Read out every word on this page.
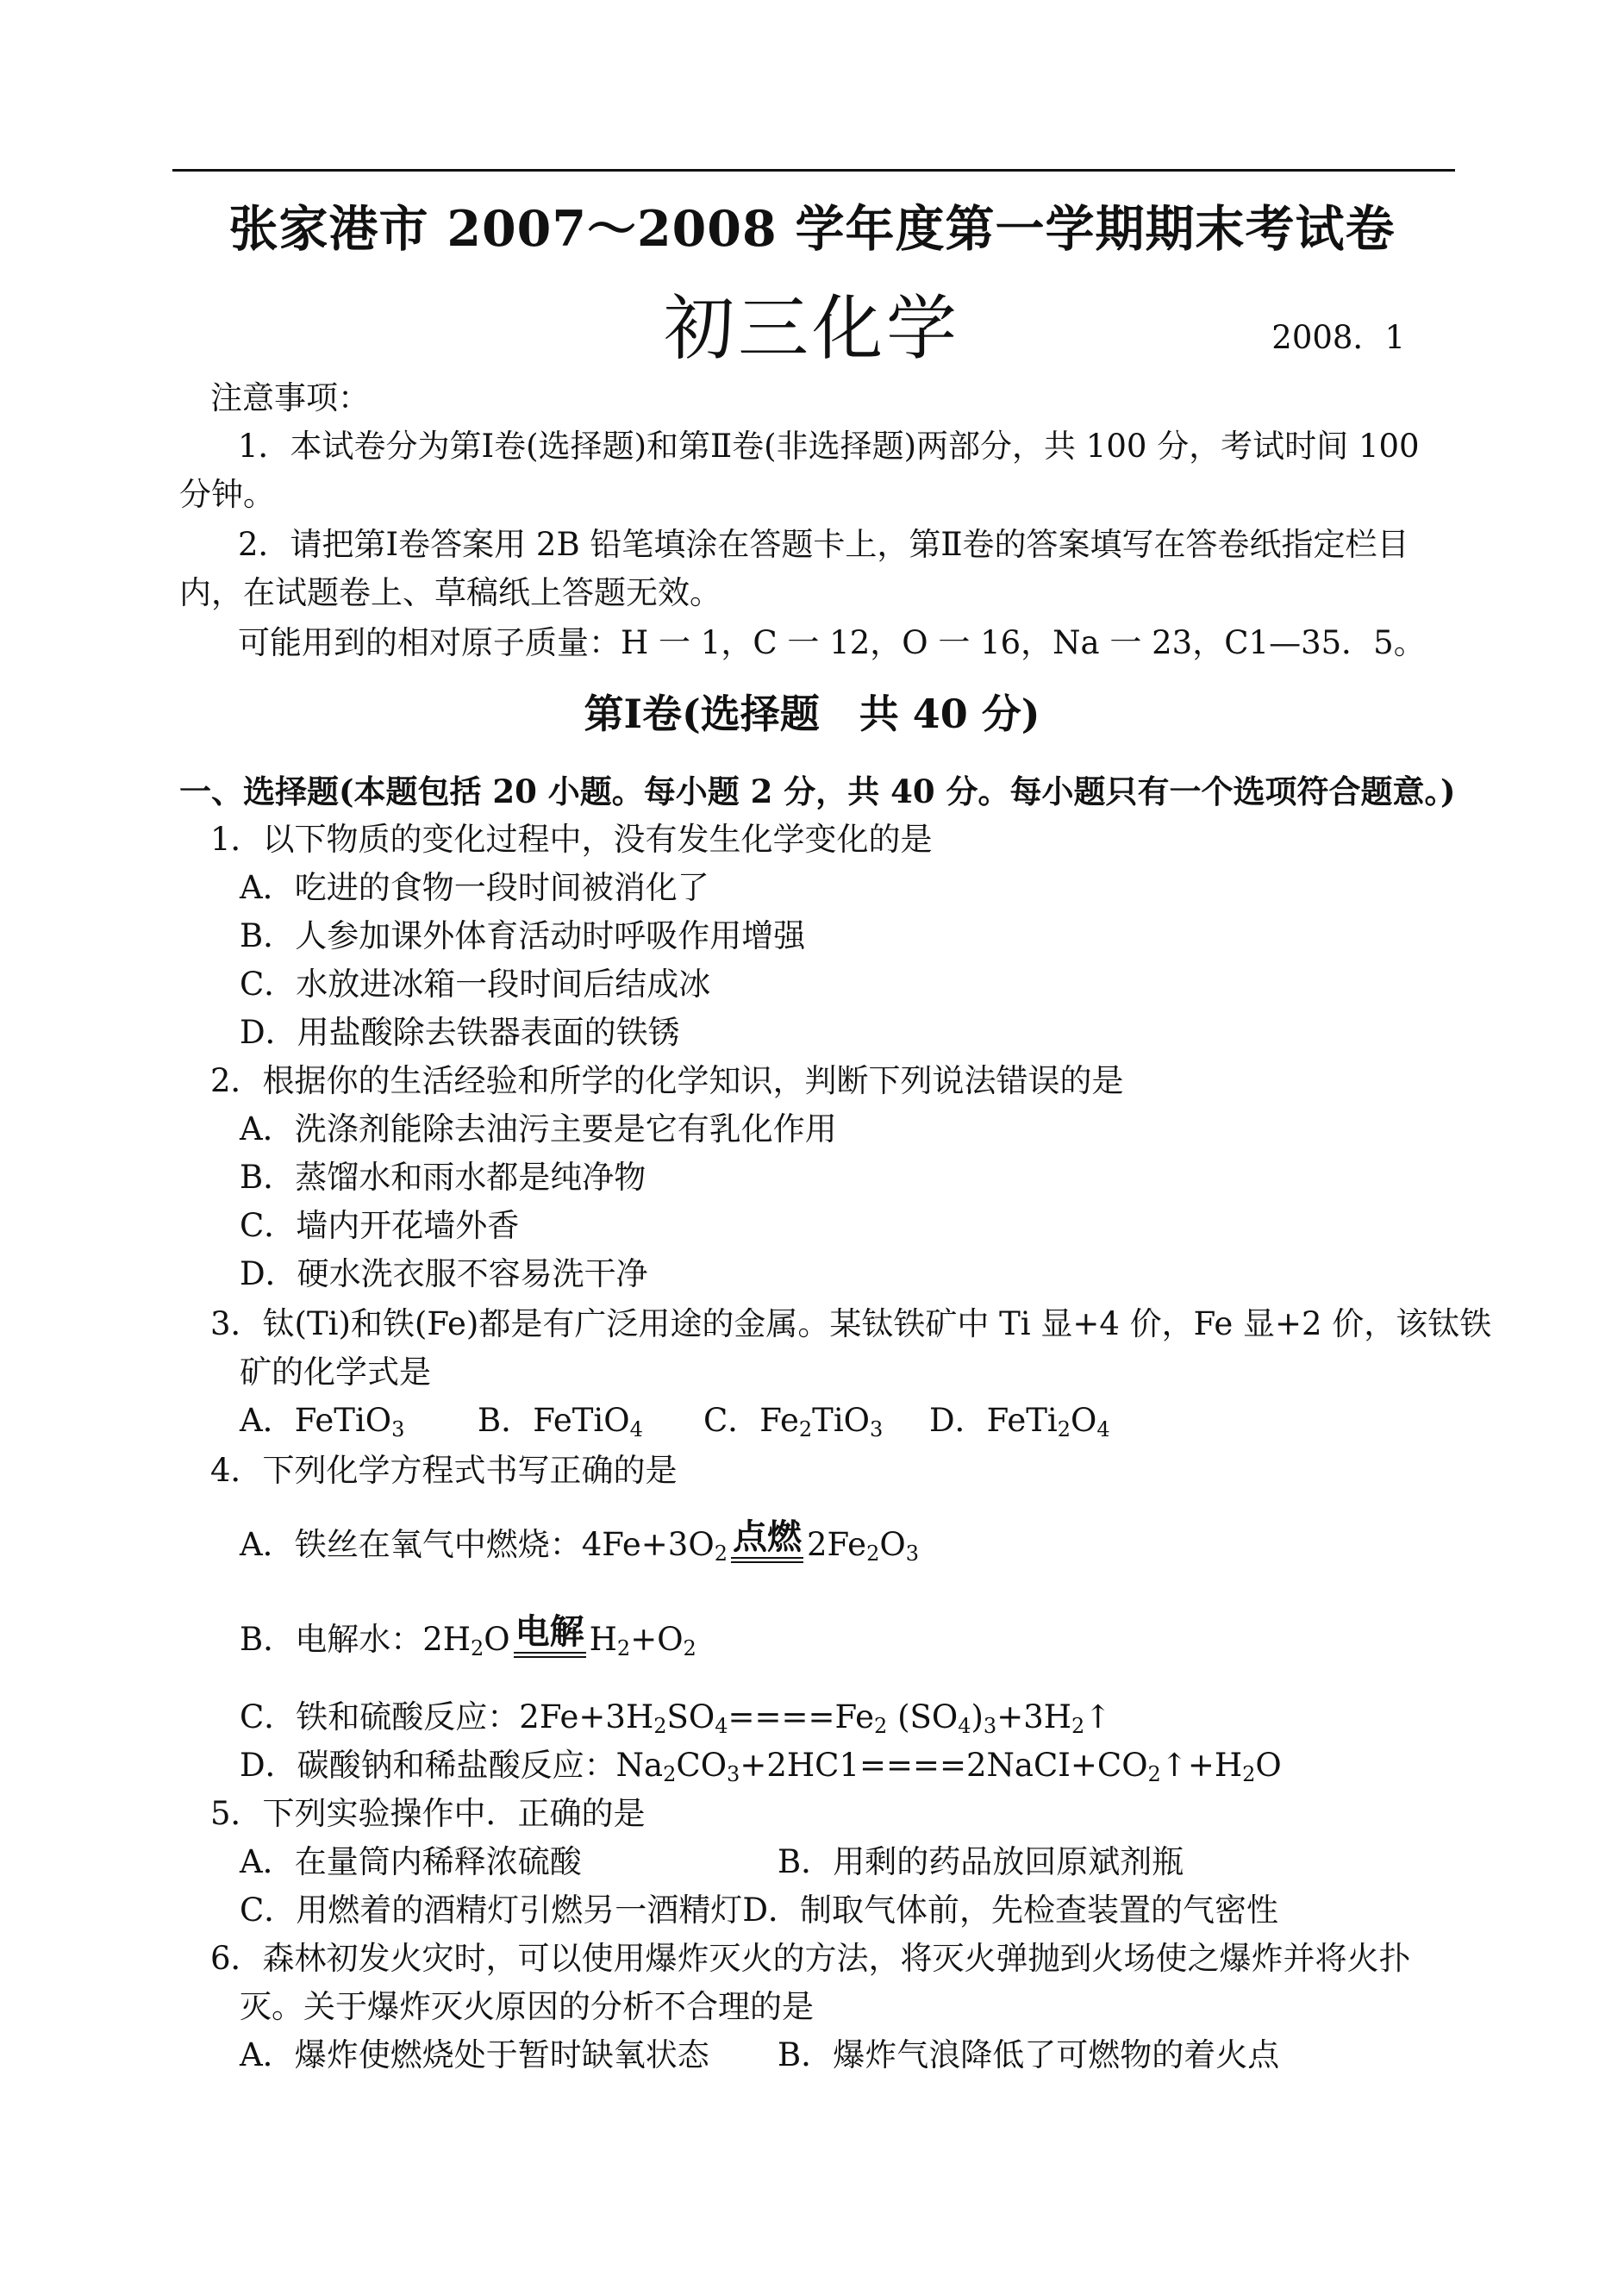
张家港市 2007～2008 学年度第一学期期末考试卷
初三化学	2008．1
注意事项：
1．本试卷分为第Ⅰ卷(选择题)和第Ⅱ卷(非选择题)两部分，共 100 分，考试时间 100
分钟。
2．请把第Ⅰ卷答案用 2B 铅笔填涂在答题卡上，第Ⅱ卷的答案填写在答卷纸指定栏目
内，在试题卷上、草稿纸上答题无效。
可能用到的相对原子质量：H 一 1，C 一 12，O 一 16，Na 一 23，C1—35．5。
第Ⅰ卷(选择题　共 40 分)
一、选择题(本题包括 20 小题。每小题 2 分，共 40 分。每小题只有一个选项符合题意。)
1．以下物质的变化过程中，没有发生化学变化的是
A．吃进的食物一段时间被消化了
B．人参加课外体育活动时呼吸作用增强
C．水放进冰箱一段时间后结成冰
D．用盐酸除去铁器表面的铁锈
2．根据你的生活经验和所学的化学知识，判断下列说法错误的是
A．洗涤剂能除去油污主要是它有乳化作用
B．蒸馏水和雨水都是纯净物
C．墙内开花墙外香
D．硬水洗衣服不容易洗干净
3．钛(Ti)和铁(Fe)都是有广泛用途的金属。某钛铁矿中 Ti 显+4 价，Fe 显+2 价，该钛铁
矿的化学式是
A．FeTiO$_3$ B．FeTiO$_4$ C．$Fe_2TiO_3$ D．$FeTi_2O_4$
4．下列化学方程式书写正确的是
A．铁丝在氧气中燃烧：$4Fe+3O_2$ 点燃 $2Fe_2O_3$
B．电解水：$2H_2O$ 电解 $H_2+O_2$
C．铁和硫酸反应：$2Fe+3H_2SO_4====Fe_2$ $(SO_4)_3+3H_2↑$
D．碳酸钠和稀盐酸反应：$Na_2CO_3+2HC1====2NaCI+CO_2↑+H_2O$
5．下列实验操作中．正确的是
A．在量筒内稀释浓硫酸	B．用剩的药品放回原斌剂瓶
C．用燃着的酒精灯引燃另一酒精灯D．制取气体前，先检查装置的气密性
6．森林初发火灾时，可以使用爆炸灭火的方法，将灭火弹抛到火场使之爆炸并将火扑
灭。关于爆炸灭火原因的分析不合理的是
A．爆炸使燃烧处于暂时缺氧状态 B．爆炸气浪降低了可燃物的着火点
